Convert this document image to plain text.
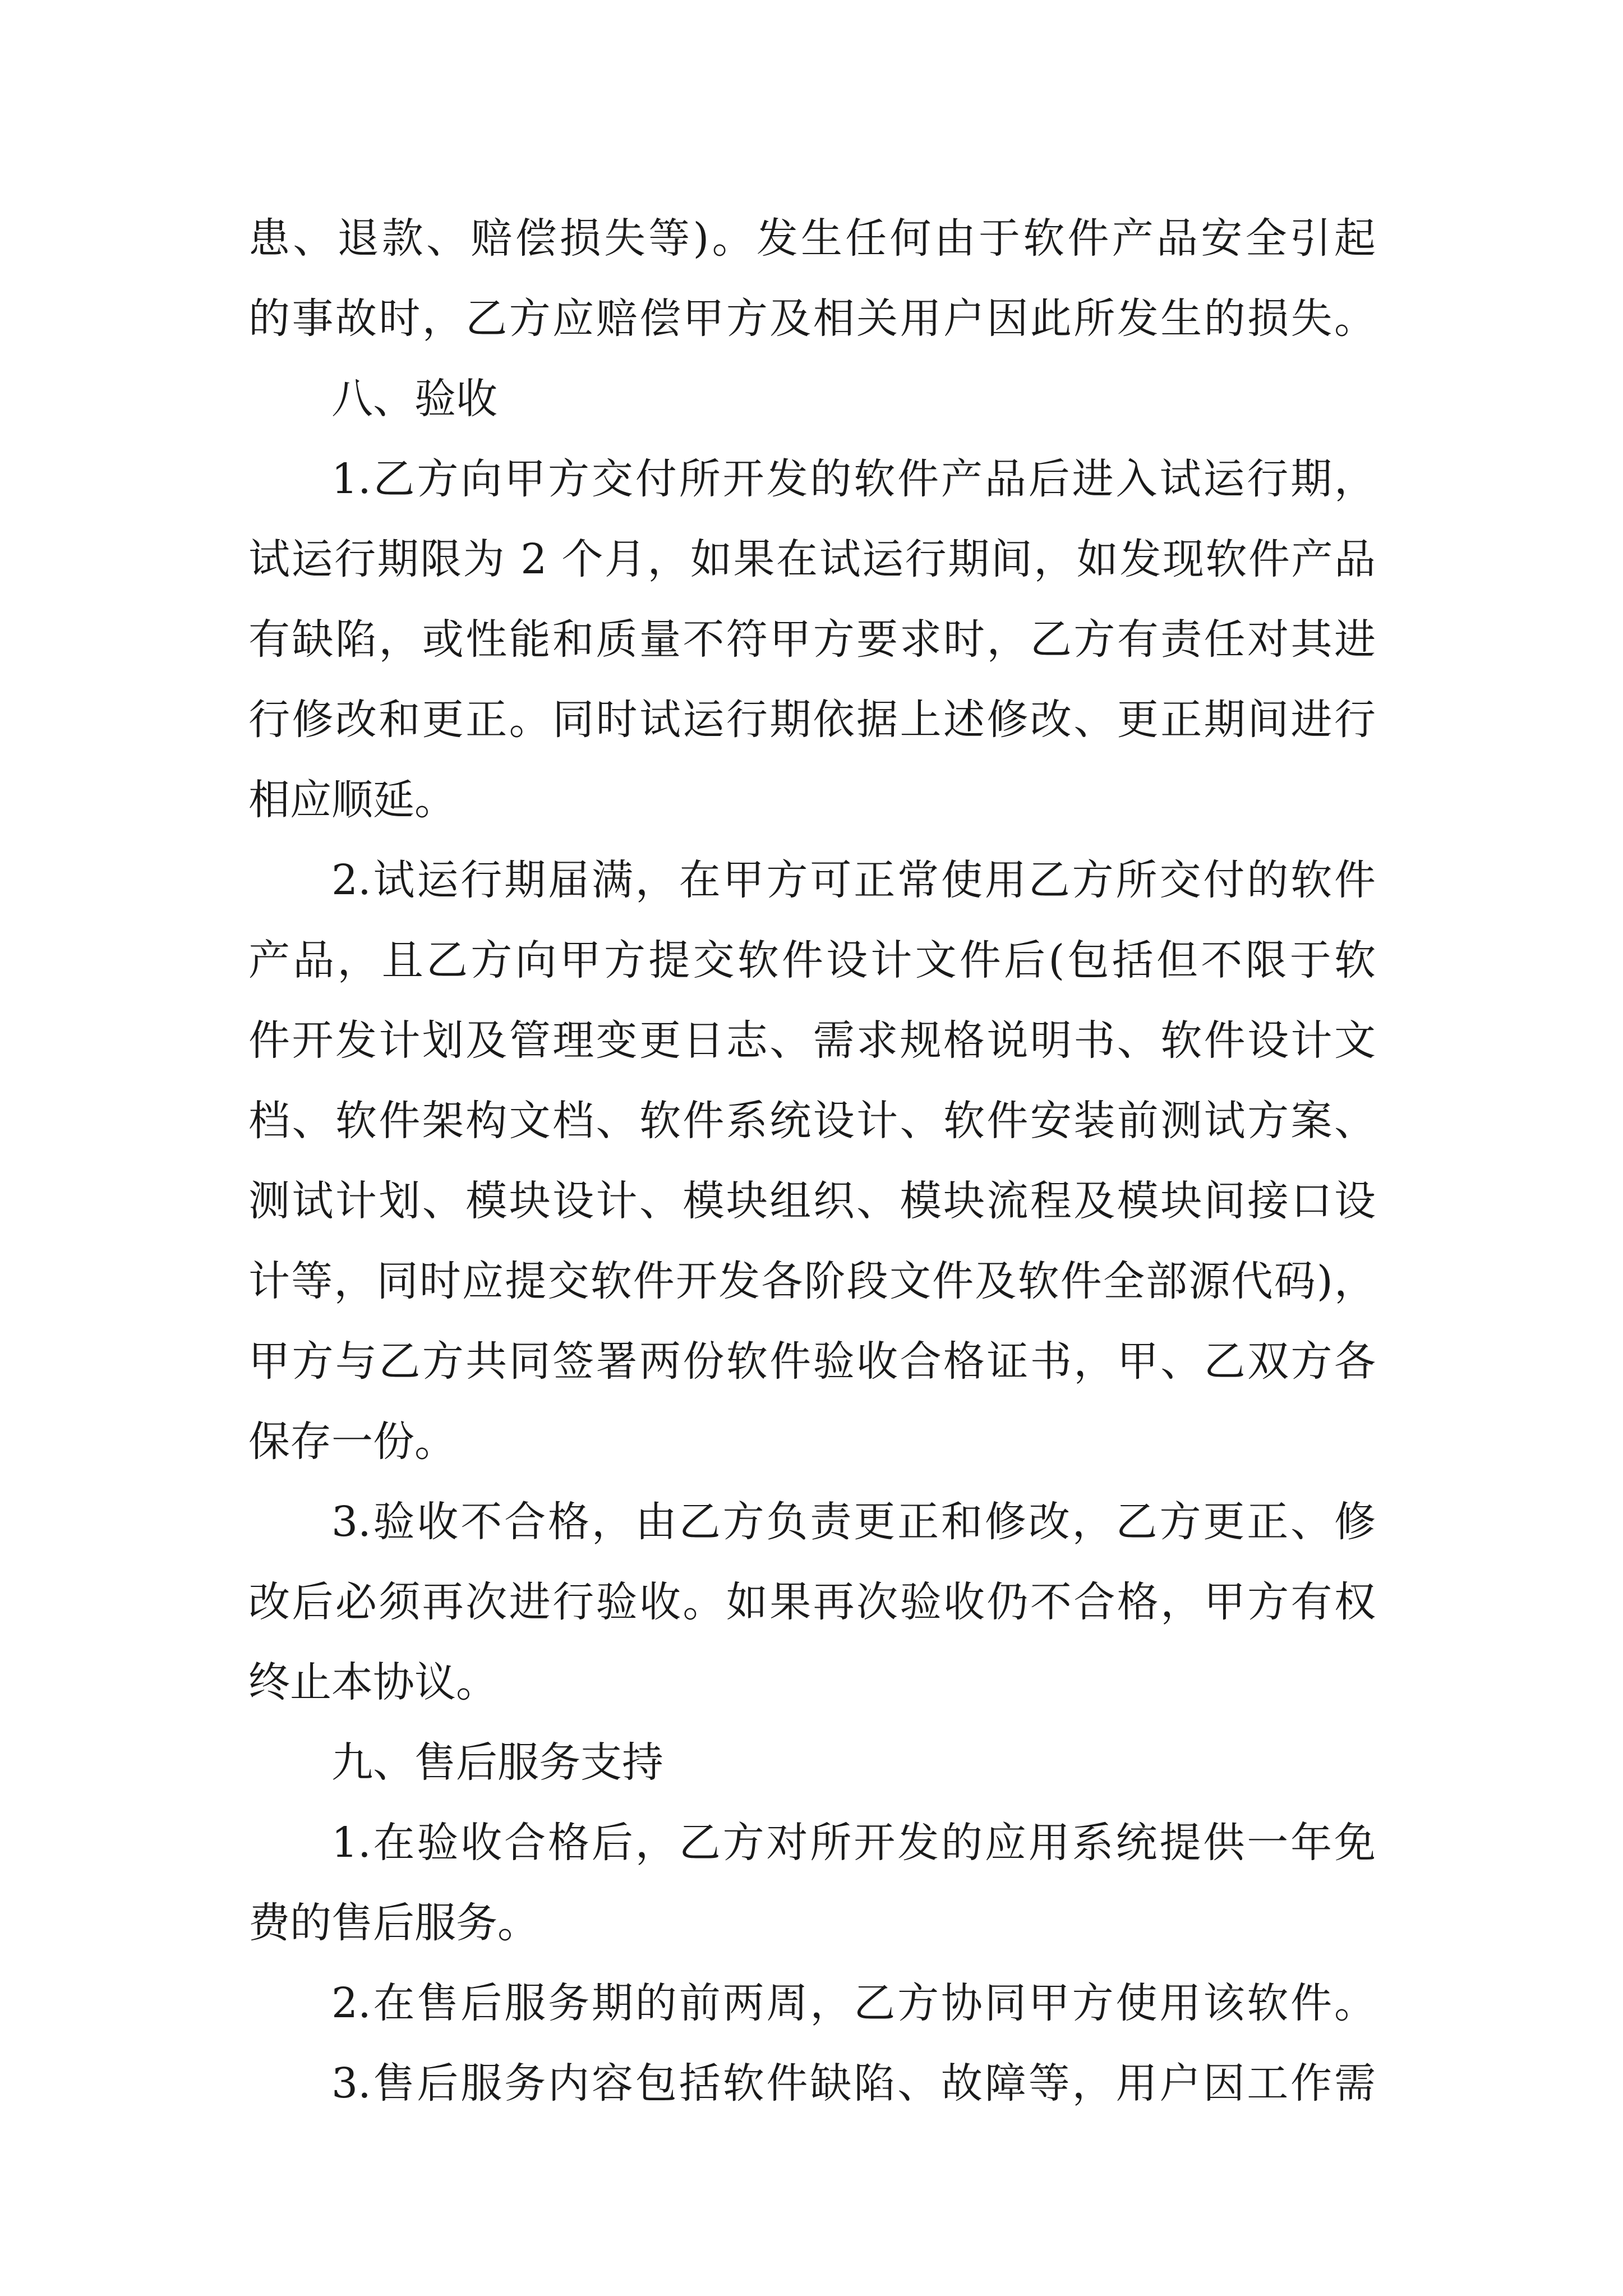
患、退款、赔偿损失等)。发生任何由于软件产品安全引起
的事故时，乙方应赔偿甲方及相关用户因此所发生的损失。
八、验收
1.乙方向甲方交付所开发的软件产品后进入试运行期，
试运行期限为 2 个月，如果在试运行期间，如发现软件产品
有缺陷，或性能和质量不符甲方要求时，乙方有责任对其进
行修改和更正。同时试运行期依据上述修改、更正期间进行
相应顺延。
2.试运行期届满，在甲方可正常使用乙方所交付的软件
产品，且乙方向甲方提交软件设计文件后(包括但不限于软
件开发计划及管理变更日志、需求规格说明书、软件设计文
档、软件架构文档、软件系统设计、软件安装前测试方案、
测试计划、模块设计、模块组织、模块流程及模块间接口设
计等，同时应提交软件开发各阶段文件及软件全部源代码)，
甲方与乙方共同签署两份软件验收合格证书，甲、乙双方各
保存一份。
3.验收不合格，由乙方负责更正和修改，乙方更正、修
改后必须再次进行验收。如果再次验收仍不合格，甲方有权
终止本协议。
九、售后服务支持
1.在验收合格后，乙方对所开发的应用系统提供一年免
费的售后服务。
2.在售后服务期的前两周，乙方协同甲方使用该软件。
3.售后服务内容包括软件缺陷、故障等，用户因工作需
